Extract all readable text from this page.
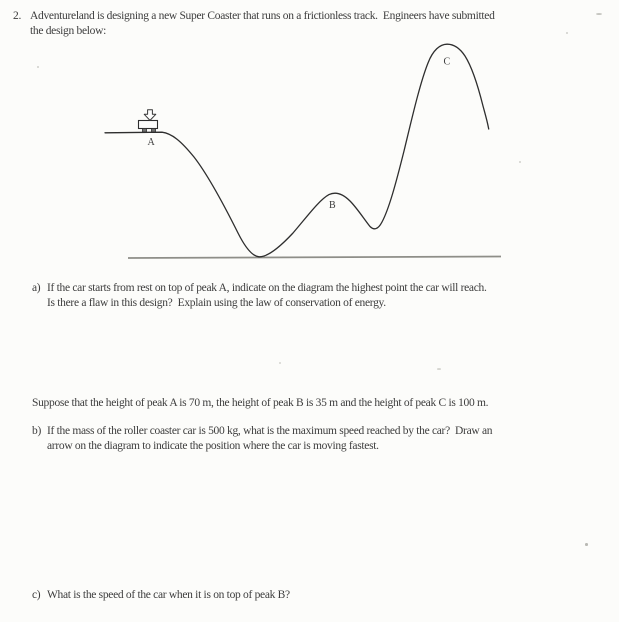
2. Adventureland is designing a new Super Coaster that runs on a frictionless track.  Engineers have submitted
the design below:
A
B
C
a) If the car starts from rest on top of peak A, indicate on the diagram the highest point the car will reach.
Is there a flaw in this design?  Explain using the law of conservation of energy.
Suppose that the height of peak A is 70 m, the height of peak B is 35 m and the height of peak C is 100 m.
b) If the mass of the roller coaster car is 500 kg, what is the maximum speed reached by the car?  Draw an
arrow on the diagram to indicate the position where the car is moving fastest.
c) What is the speed of the car when it is on top of peak B?
